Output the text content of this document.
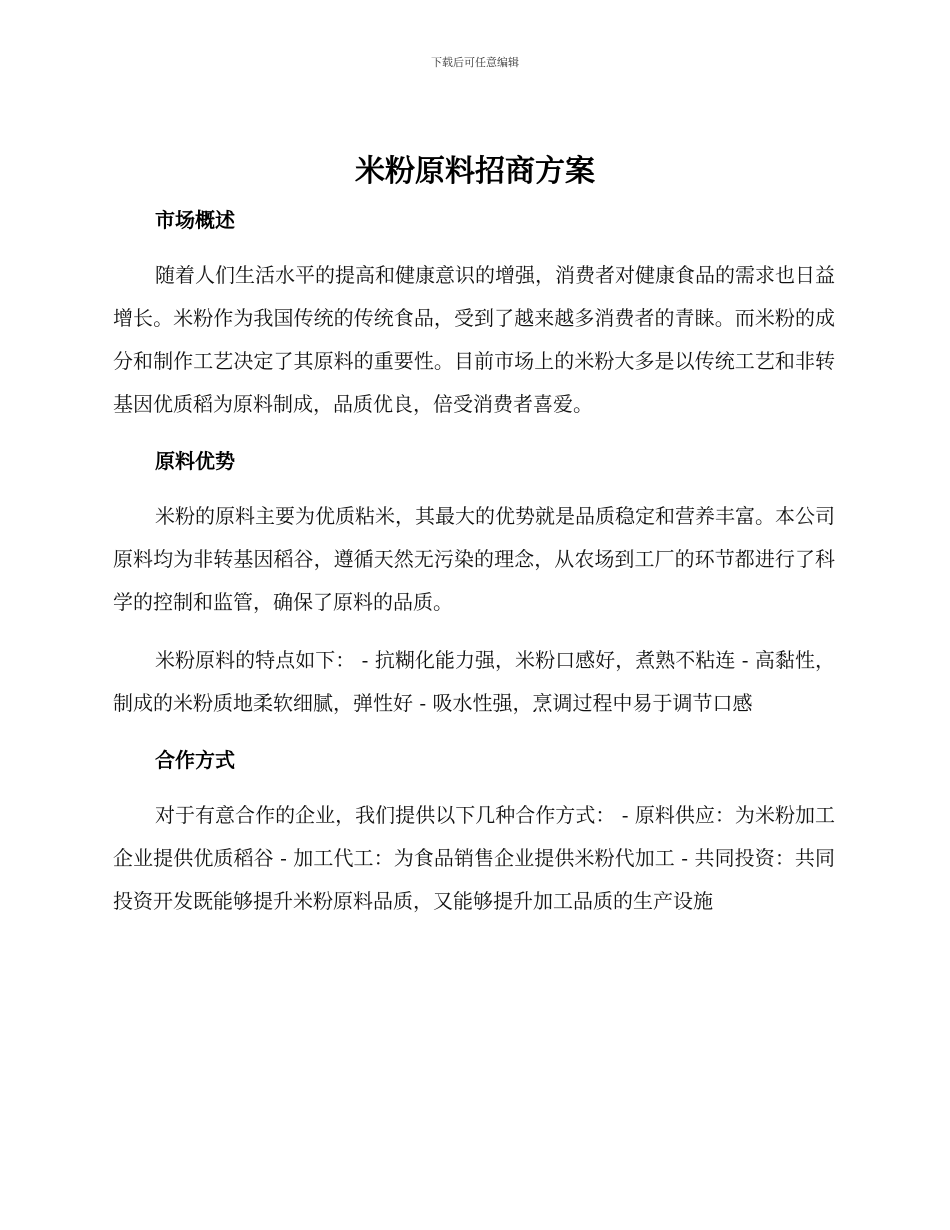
下载后可任意编辑
米粉原料招商方案
市场概述

随着人们生活水平的提高和健康意识的增强，消费者对健康食品的需求也日益增长。米粉作为我国传统的传统食品，受到了越来越多消费者的青睐。而米粉的成分和制作工艺决定了其原料的重要性。目前市场上的米粉大多是以传统工艺和非转基因优质稻为原料制成，品质优良，倍受消费者喜爱。

原料优势

米粉的原料主要为优质粘米，其最大的优势就是品质稳定和营养丰富。本公司原料均为非转基因稻谷，遵循天然无污染的理念，从农场到工厂的环节都进行了科学的控制和监管，确保了原料的品质。

米粉原料的特点如下： - 抗糊化能力强，米粉口感好，煮熟不粘连 - 高黏性，制成的米粉质地柔软细腻，弹性好 - 吸水性强，烹调过程中易于调节口感

合作方式

对于有意合作的企业，我们提供以下几种合作方式： - 原料供应：为米粉加工企业提供优质稻谷 - 加工代工：为食品销售企业提供米粉代加工 - 共同投资：共同投资开发既能够提升米粉原料品质，又能够提升加工品质的生产设施
